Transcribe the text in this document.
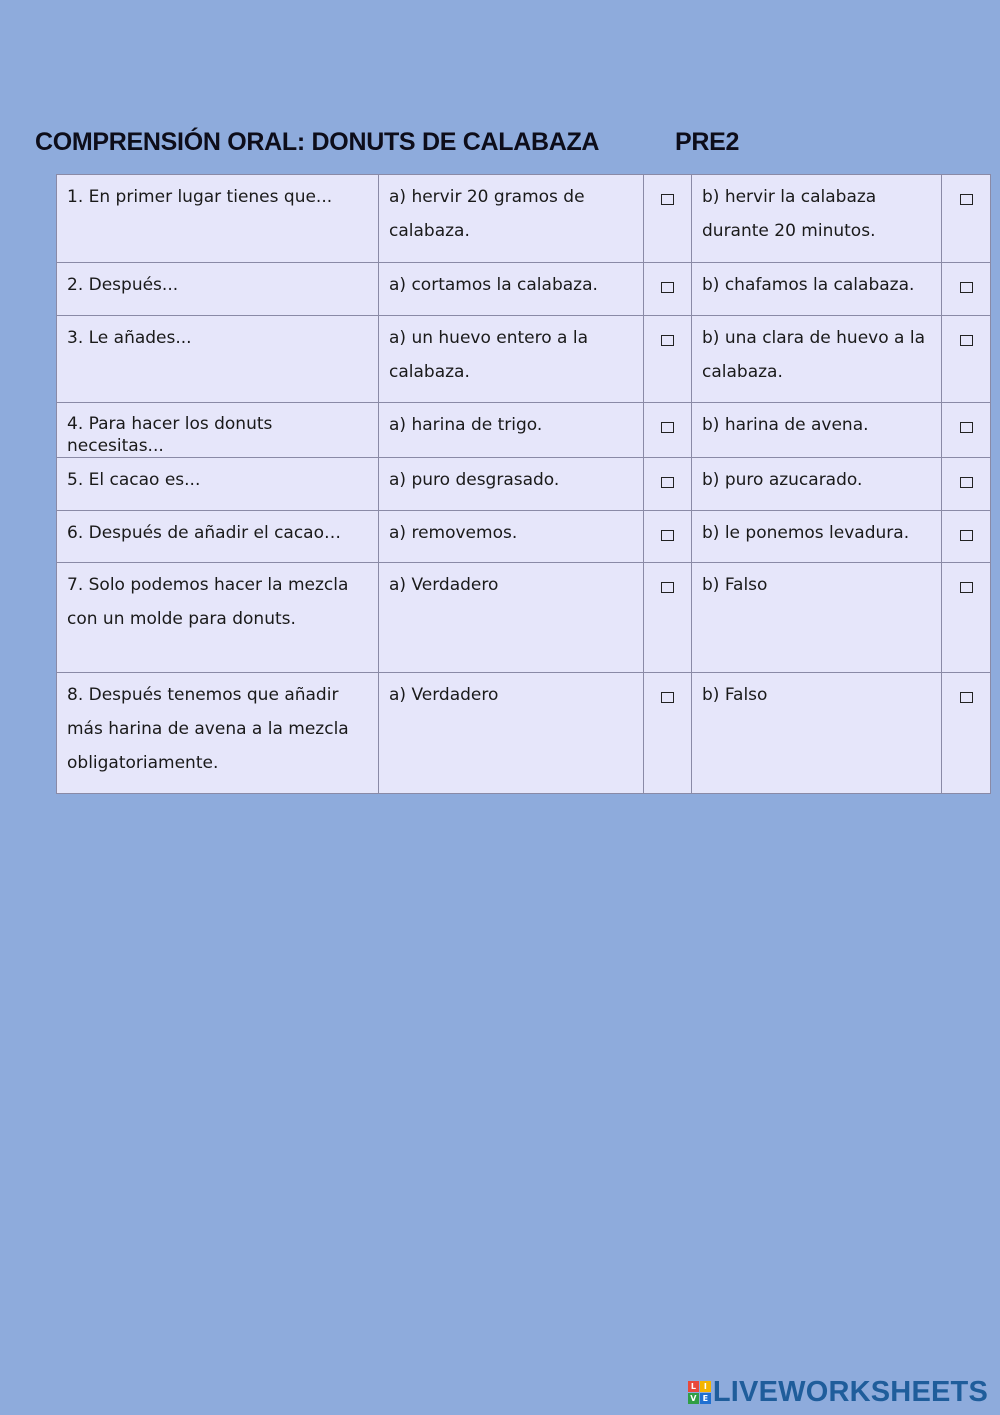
COMPRENSIÓN ORAL: DONUTS DE CALABAZA	PRE2
1. En primer lugar tienes que...	a) hervir 20 gramos de calabaza.		b) hervir la calabaza durante 20 minutos.	
2. Después...	a) cortamos la calabaza.		b) chafamos la calabaza.	
3. Le añades...	a) un huevo entero a la calabaza.		b) una clara de huevo a la calabaza.	
4. Para hacer los donuts necesitas...	a) harina de trigo.		b) harina de avena.	
5. El cacao es...	a) puro desgrasado.		b) puro azucarado.	
6. Después de añadir el cacao…	a) removemos.		b) le ponemos levadura.	
7. Solo podemos hacer la mezcla con un molde para donuts.	a) Verdadero		b) Falso	
8. Después tenemos que añadir más harina de avena a la mezcla obligatoriamente.	a) Verdadero		b) Falso	
L I
V E LIVEWORKSHEETS
